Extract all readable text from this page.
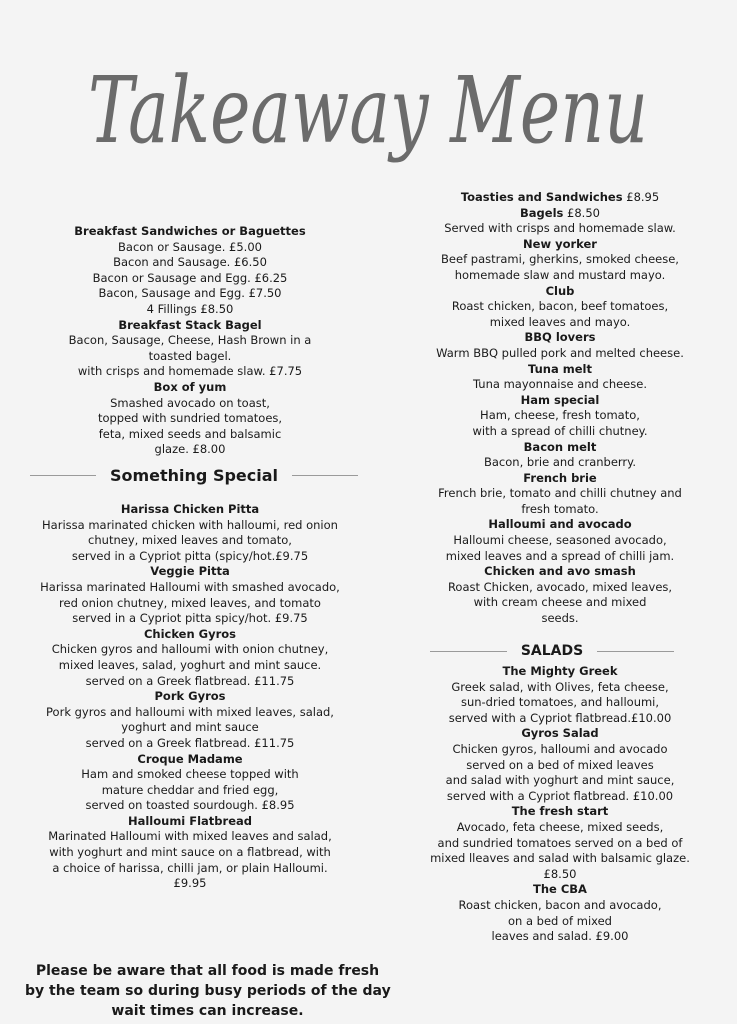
Takeaway Menu
Breakfast Sandwiches or Baguettes
Bacon or Sausage. £5.00
Bacon and Sausage. £6.50
Bacon or Sausage and Egg. £6.25
Bacon, Sausage and Egg. £7.50
4 Fillings £8.50
Breakfast Stack Bagel
Bacon, Sausage, Cheese, Hash Brown in a
toasted bagel.
with crisps and homemade slaw. £7.75
Box of yum
Smashed avocado on toast,
topped with sundried tomatoes,
feta, mixed seeds and balsamic
glaze. £8.00
Something Special
Harissa Chicken Pitta
Harissa marinated chicken with halloumi, red onion
chutney, mixed leaves and tomato,
served in a Cypriot pitta (spicy/hot.£9.75
Veggie Pitta
Harissa marinated Halloumi with smashed avocado,
red onion chutney, mixed leaves, and tomato
served in a Cypriot pitta spicy/hot. £9.75
Chicken Gyros
Chicken gyros and halloumi with onion chutney,
mixed leaves, salad, yoghurt and mint sauce.
served on a Greek flatbread. £11.75
Pork Gyros
Pork gyros and halloumi with mixed leaves, salad,
yoghurt and mint sauce
served on a Greek flatbread. £11.75
Croque Madame
Ham and smoked cheese topped with
mature cheddar and fried egg,
served on toasted sourdough. £8.95
Halloumi Flatbread
Marinated Halloumi with mixed leaves and salad,
with yoghurt and mint sauce on a flatbread, with
a choice of harissa, chilli jam, or plain Halloumi.
£9.95
Toasties and Sandwiches £8.95
Bagels £8.50
Served with crisps and homemade slaw.
New yorker
Beef pastrami, gherkins, smoked cheese,
homemade slaw and mustard mayo.
Club
Roast chicken, bacon, beef tomatoes,
mixed leaves and mayo.
BBQ lovers
Warm BBQ pulled pork and melted cheese.
Tuna melt
Tuna mayonnaise and cheese.
Ham special
Ham, cheese, fresh tomato,
with a spread of chilli chutney.
Bacon melt
Bacon, brie and cranberry.
French brie
French brie, tomato and chilli chutney and
fresh tomato.
Halloumi and avocado
Halloumi cheese, seasoned avocado,
mixed leaves and a spread of chilli jam.
Chicken and avo smash
Roast Chicken, avocado, mixed leaves,
with cream cheese and mixed
seeds.
SALADS
The Mighty Greek
Greek salad, with Olives, feta cheese,
sun-dried tomatoes, and halloumi,
served with a Cypriot flatbread.£10.00
Gyros Salad
Chicken gyros, halloumi and avocado
served on a bed of mixed leaves
and salad with yoghurt and mint sauce,
served with a Cypriot flatbread. £10.00
The fresh start
Avocado, feta cheese, mixed seeds,
and sundried tomatoes served on a bed of
mixed lleaves and salad with balsamic glaze.
£8.50
The CBA
Roast chicken, bacon and avocado,
on a bed of mixed
leaves and salad. £9.00
Please be aware that all food is made fresh
by the team so during busy periods of the day
wait times can increase.
